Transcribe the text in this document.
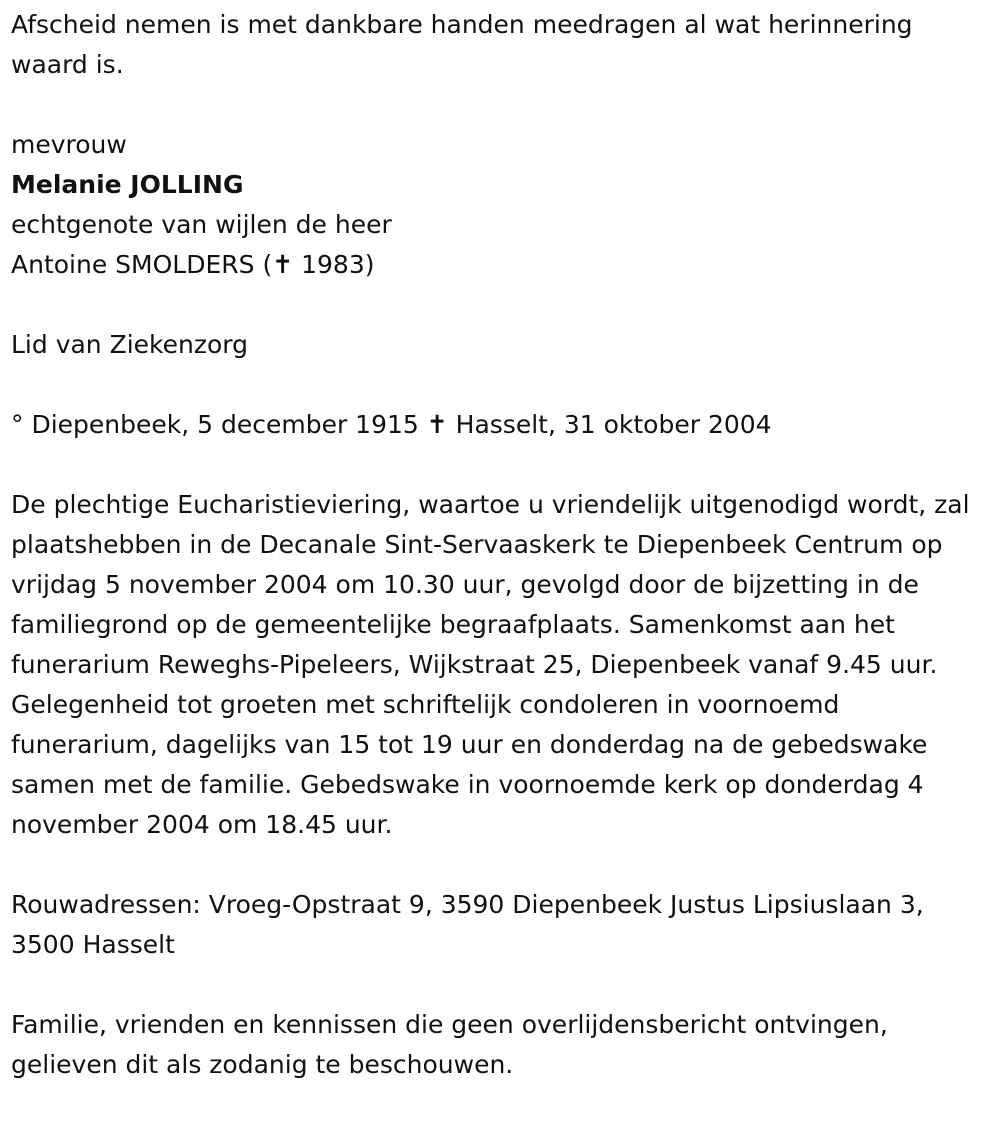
Afscheid nemen is met dankbare handen meedragen al wat herinnering waard is.

mevrouw

Melanie JOLLING

echtgenote van wijlen de heer

Antoine SMOLDERS (✝ 1983)

Lid van Ziekenzorg

° Diepenbeek, 5 december 1915 ✝ Hasselt, 31 oktober 2004

De plechtige Eucharistieviering, waartoe u vriendelijk uitgenodigd wordt, zal plaatshebben in de Decanale Sint-Servaaskerk te Diepenbeek Centrum op vrijdag 5 november 2004 om 10.30 uur, gevolgd door de bijzetting in de familiegrond op de gemeentelijke begraafplaats. Samenkomst aan het funerarium Reweghs-Pipeleers, Wijkstraat 25, Diepenbeek vanaf 9.45 uur. Gelegenheid tot groeten met schriftelijk condoleren in voornoemd funerarium, dagelijks van 15 tot 19 uur en donderdag na de gebedswake samen met de familie. Gebedswake in voornoemde kerk op donderdag 4 november 2004 om 18.45 uur.

Rouwadressen: Vroeg-Opstraat 9, 3590 Diepenbeek Justus Lipsiuslaan 3, 3500 Hasselt

Familie, vrienden en kennissen die geen overlijdensbericht ontvingen, gelieven dit als zodanig te beschouwen.
